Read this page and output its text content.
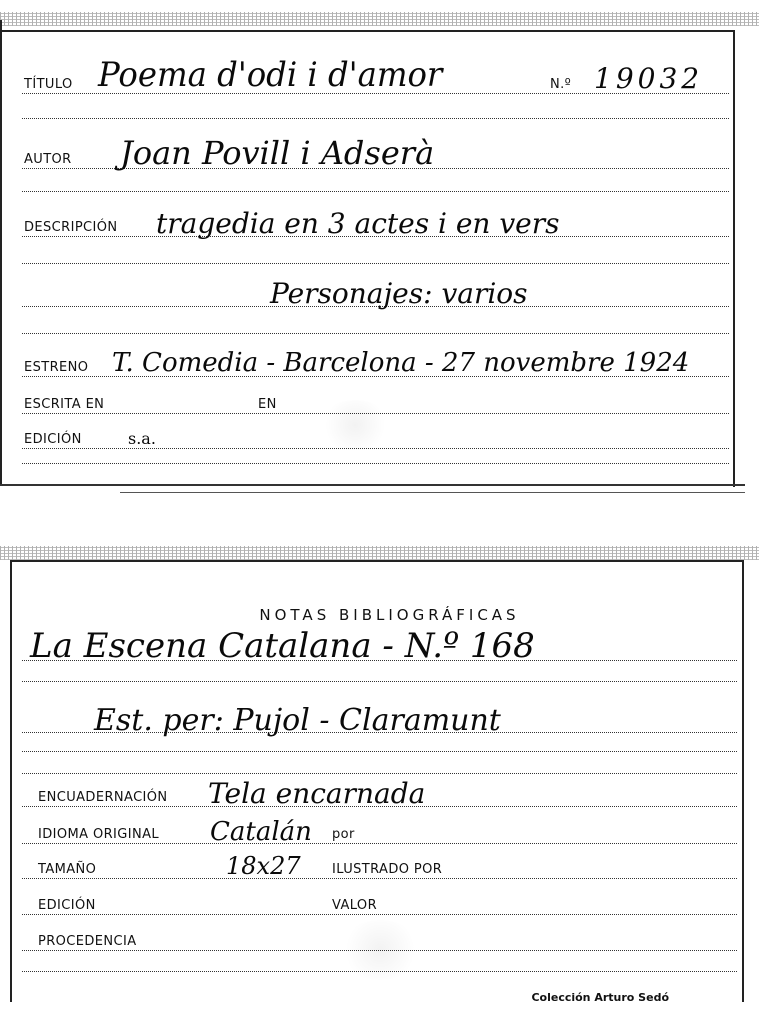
TÍTULO Poema d'odi i d'amor	N.º 19032
AUTOR Joan Povill i Adserà
DESCRIPCIÓN tragedia en 3 actes i en vers
Personajes: varios
ESTRENO T. Comedia - Barcelona - 27 novembre 1924
ESCRITA EN	EN
EDICIÓN	s.a.
NOTAS BIBLIOGRÁFICAS
La Escena Catalana - N.º 168
Est. per: Pujol - Claramunt
ENCUADERNACIÓN Tela encarnada
IDIOMA ORIGINAL Catalán por
TAMAÑO	18x27 ILUSTRADO POR
EDICIÓN	VALOR
PROCEDENCIA
Colección Arturo Sedó
